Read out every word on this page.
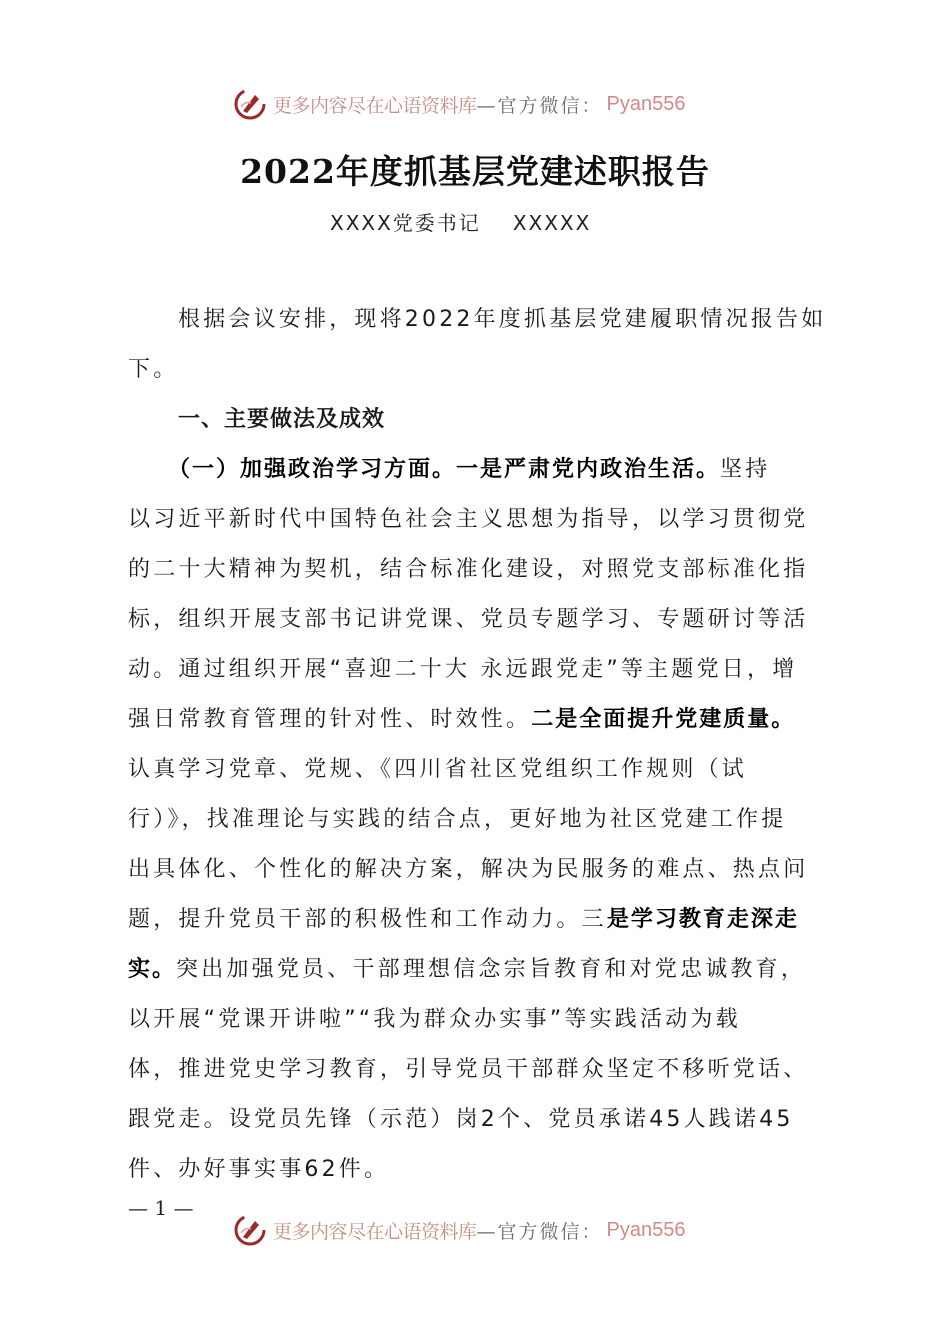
更多内容尽在心语资料库 —官方微信： Pyan556
2022年度抓基层党建述职报告
XXXX党委书记 XXXXX
根据会议安排，现将2022年度抓基层党建履职情况报告如
下。
一、主要做法及成效
（一）加强政治学习方面。一是严肃党内政治生活。坚持
以习近平新时代中国特色社会主义思想为指导，以学习贯彻党
的二十大精神为契机，结合标准化建设，对照党支部标准化指
标，组织开展支部书记讲党课、党员专题学习、专题研讨等活
动。通过组织开展“喜迎二十大 永远跟党走”等主题党日，增
强日常教育管理的针对性、时效性。二是全面提升党建质量。
认真学习党章、党规、《四川省社区党组织工作规则（试
行）》，找准理论与实践的结合点，更好地为社区党建工作提
出具体化、个性化的解决方案，解决为民服务的难点、热点问
题，提升党员干部的积极性和工作动力。三是学习教育走深走
实。突出加强党员、干部理想信念宗旨教育和对党忠诚教育，
以开展“党课开讲啦”“我为群众办实事”等实践活动为载
体，推进党史学习教育，引导党员干部群众坚定不移听党话、
跟党走。设党员先锋（示范）岗2个、党员承诺45人践诺45
件、办好事实事62件。
— 1 —
更多内容尽在心语资料库 —官方微信： Pyan556
